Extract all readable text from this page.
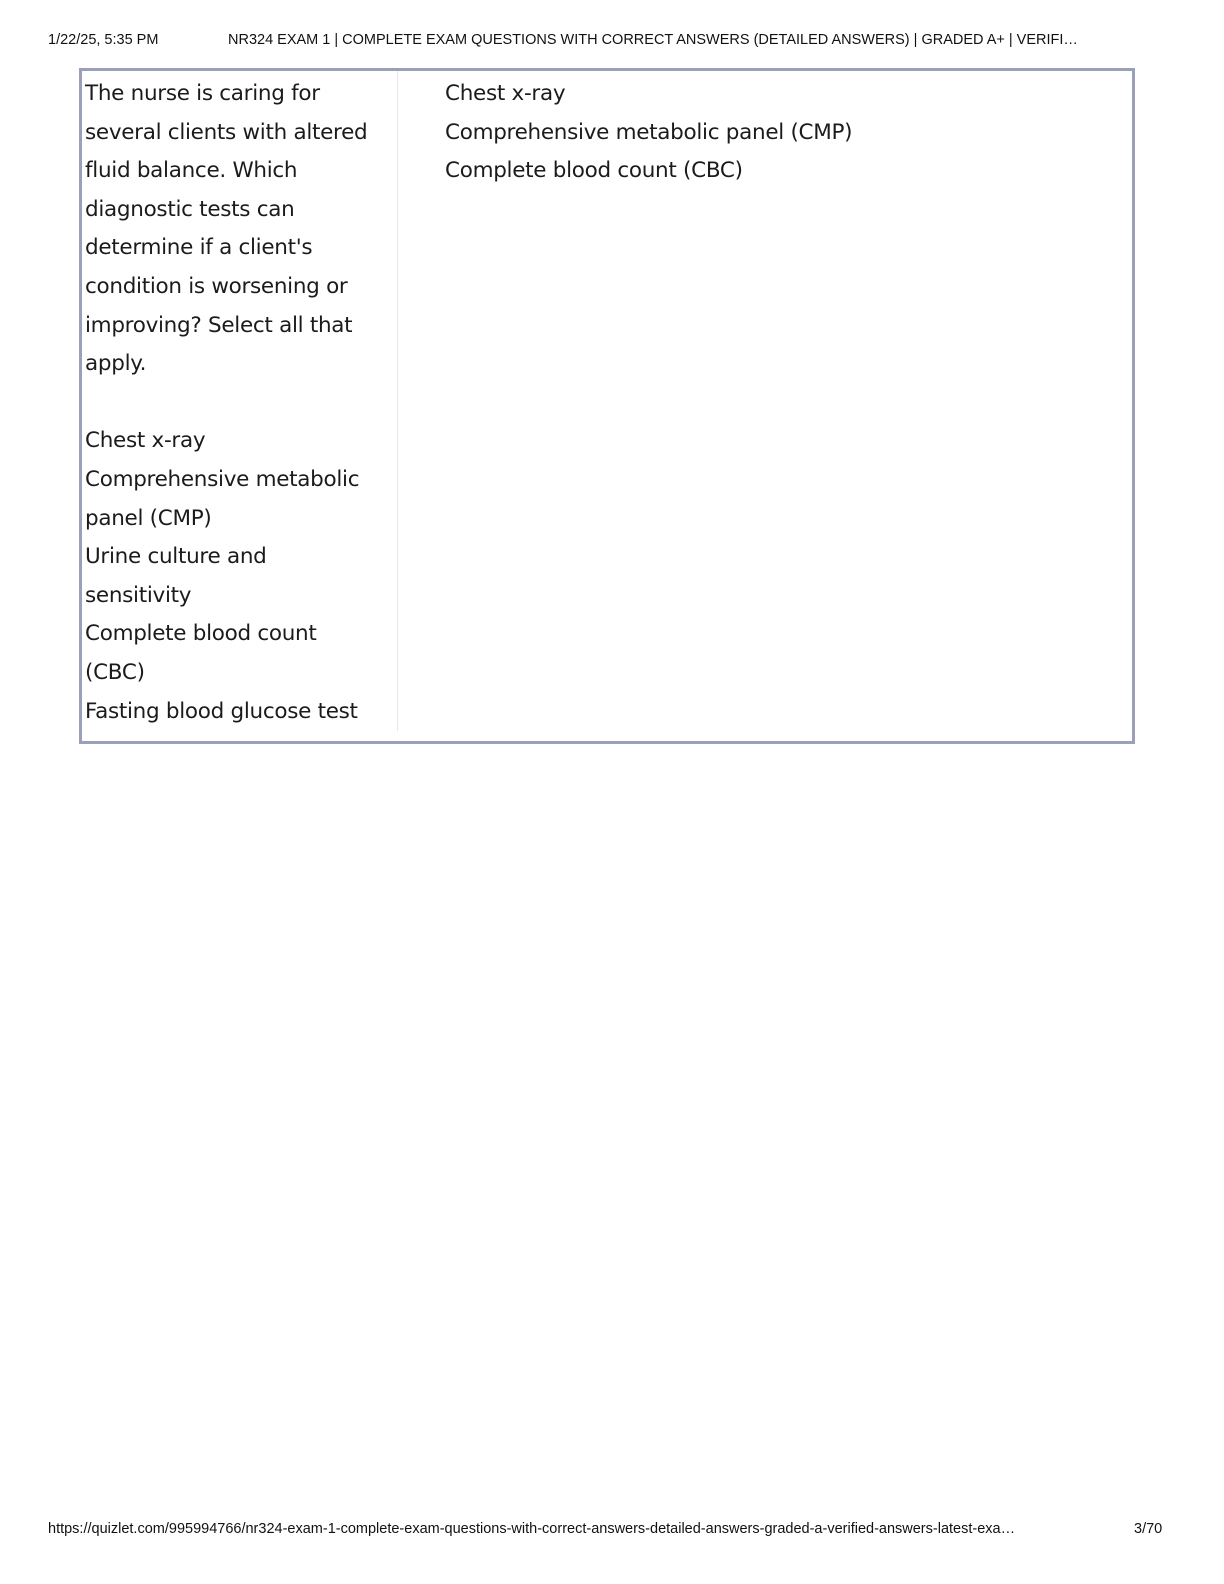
1/22/25, 5:35 PM	NR324 EXAM 1 | COMPLETE EXAM QUESTIONS WITH CORRECT ANSWERS (DETAILED ANSWERS) | GRADED A+ | VERIFI…

The nurse is caring for

several clients with altered

fluid balance. Which

diagnostic tests can

determine if a client's

condition is worsening or

improving? Select all that

apply.

Chest x-ray

Comprehensive metabolic

panel (CMP)

Urine culture and

sensitivity

Complete blood count

(CBC)

Fasting blood glucose test

Chest x-ray
Comprehensive metabolic panel (CMP)
Complete blood count (CBC)
https://quizlet.com/995994766/nr324-exam-1-complete-exam-questions-with-correct-answers-detailed-answers-graded-a-verified-answers-latest-exa…	3/70
